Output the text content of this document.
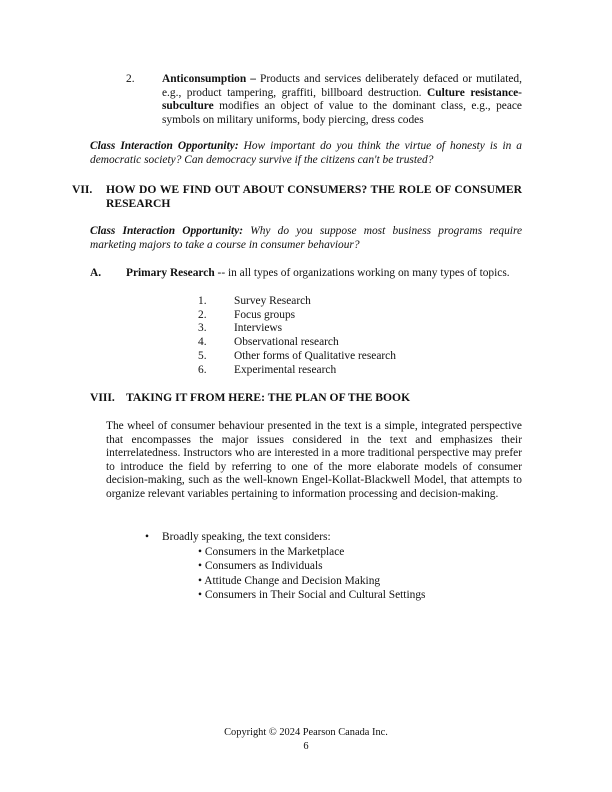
2. Anticonsumption – Products and services deliberately defaced or mutilated, e.g., product tampering, graffiti, billboard destruction. Culture resistance-subculture modifies an object of value to the dominant class, e.g., peace symbols on military uniforms, body piercing, dress codes
Class Interaction Opportunity: How important do you think the virtue of honesty is in a democratic society? Can democracy survive if the citizens can't be trusted?
VII. HOW DO WE FIND OUT ABOUT CONSUMERS? THE ROLE OF CONSUMER RESEARCH
Class Interaction Opportunity: Why do you suppose most business programs require marketing majors to take a course in consumer behaviour?
A. Primary Research -- in all types of organizations working on many types of topics.
1. Survey Research
2. Focus groups
3. Interviews
4. Observational research
5. Other forms of Qualitative research
6. Experimental research
VIII. TAKING IT FROM HERE: THE PLAN OF THE BOOK
The wheel of consumer behaviour presented in the text is a simple, integrated perspective that encompasses the major issues considered in the text and emphasizes their interrelatedness. Instructors who are interested in a more traditional perspective may prefer to introduce the field by referring to one of the more elaborate models of consumer decision-making, such as the well-known Engel-Kollat-Blackwell Model, that attempts to organize relevant variables pertaining to information processing and decision-making.
• Broadly speaking, the text considers:
• Consumers in the Marketplace
• Consumers as Individuals
• Attitude Change and Decision Making
• Consumers in Their Social and Cultural Settings
Copyright © 2024 Pearson Canada Inc.
6
